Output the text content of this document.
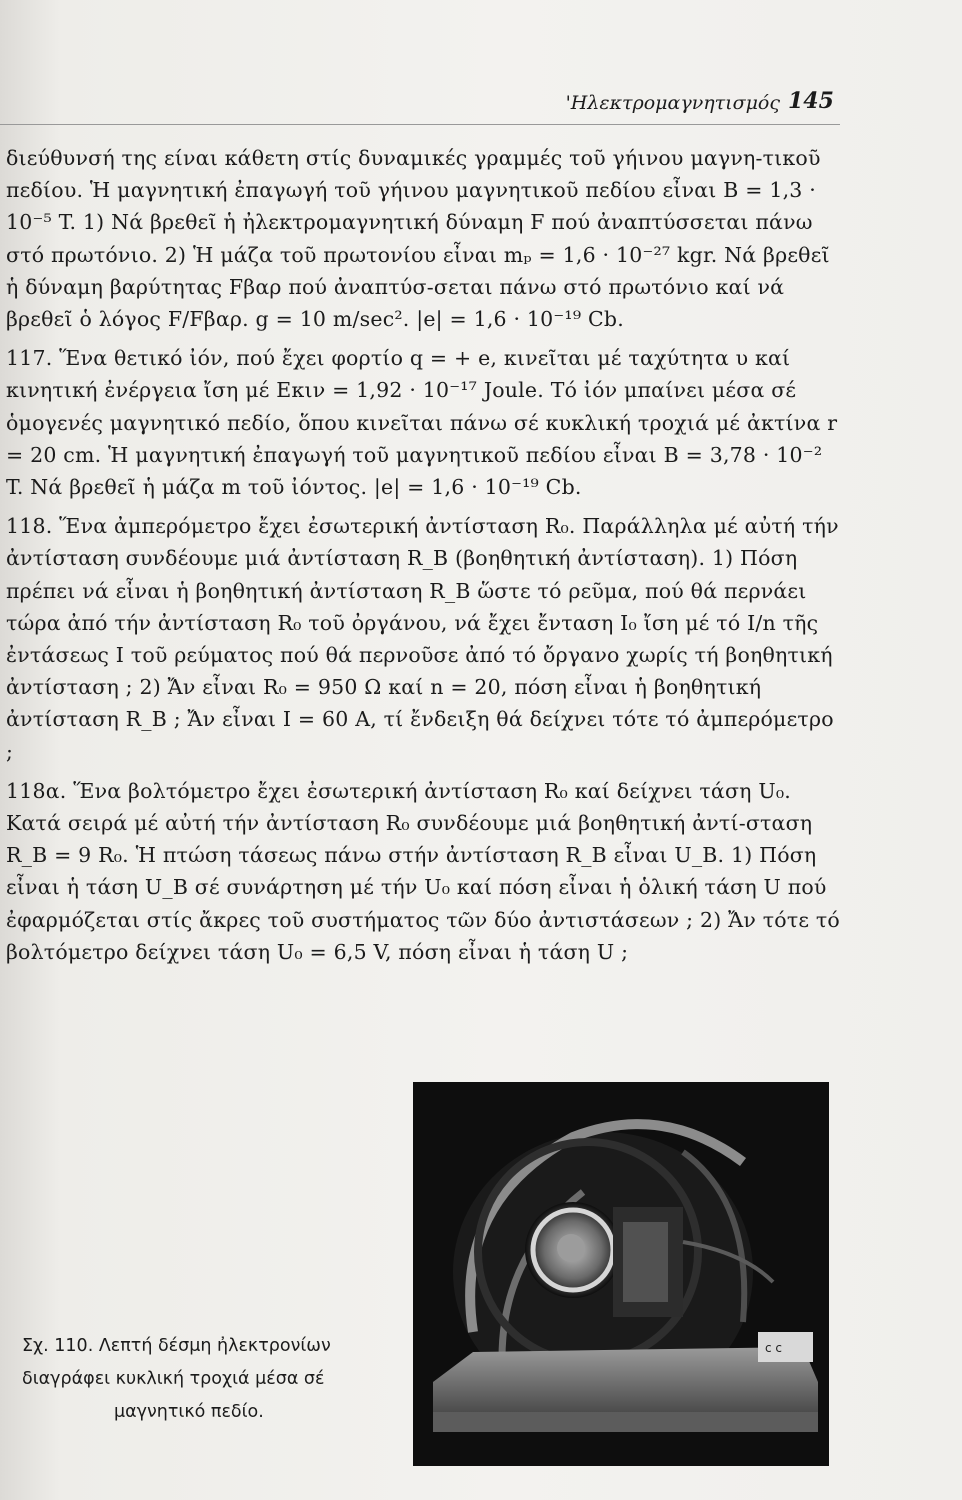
'Ηλεκτρομαγνητισμός 145

διεύθυνσή της είναι κάθετη στίς δυναμικές γραμμές τοῦ γήινου μαγνη-τικοῦ πεδίου. Ἡ μαγνητική ἐπαγωγή τοῦ γήινου μαγνητικοῦ πεδίου εἶναι B = 1,3 · 10⁻⁵ T. 1) Νά βρεθεῖ ἡ ἠλεκτρομαγνητική δύναμη F πού ἀναπτύσσεται πάνω στό πρωτόνιο. 2) Ἡ μάζα τοῦ πρωτονίου εἶναι mₚ = 1,6 · 10⁻²⁷ kgr. Νά βρεθεῖ ἡ δύναμη βαρύτητας Fβαρ πού ἀναπτύσ-σεται πάνω στό πρωτόνιο καί νά βρεθεῖ ὁ λόγος F/Fβαρ. g = 10 m/sec². |e| = 1,6 · 10⁻¹⁹ Cb.

117. Ἕνα θετικό ἰόν, πού ἔχει φορτίο q = + e, κινεῖται μέ ταχύτητα υ καί κινητική ἐνέργεια ἴση μέ Eκιν = 1,92 · 10⁻¹⁷ Joule. Τό ἰόν μπαίνει μέσα σέ ὁμογενές μαγνητικό πεδίο, ὅπου κινεῖται πάνω σέ κυκλική τροχιά μέ ἀκτίνα r = 20 cm. Ἡ μαγνητική ἐπαγωγή τοῦ μαγνητικοῦ πεδίου εἶναι B = 3,78 · 10⁻² T. Νά βρεθεῖ ἡ μάζα m τοῦ ἰόντος. |e| = 1,6 · 10⁻¹⁹ Cb.

118. Ἕνα ἀμπερόμετρο ἔχει ἐσωτερική ἀντίσταση R₀. Παράλληλα μέ αὐτή τήν ἀντίσταση συνδέουμε μιά ἀντίσταση R_B (βοηθητική ἀντίσταση). 1) Πόση πρέπει νά εἶναι ἡ βοηθητική ἀντίσταση R_B ὥστε τό ρεῦμα, πού θά περνάει τώρα ἀπό τήν ἀντίσταση R₀ τοῦ ὀργάνου, νά ἔχει ἔνταση I₀ ἴση μέ τό I/n τῆς ἐντάσεως I τοῦ ρεύματος πού θά περνοῦσε ἀπό τό ὄργανο χωρίς τή βοηθητική ἀντίσταση ; 2) Ἄν εἶναι R₀ = 950 Ω καί n = 20, πόση εἶναι ἡ βοηθητική ἀντίσταση R_B ; Ἄν εἶναι I = 60 A, τί ἔνδειξη θά δείχνει τότε τό ἀμπερόμετρο ;

118α. Ἕνα βολτόμετρο ἔχει ἐσωτερική ἀντίσταση R₀ καί δείχνει τάση U₀. Κατά σειρά μέ αὐτή τήν ἀντίσταση R₀ συνδέουμε μιά βοηθητική ἀντί-σταση R_B = 9 R₀. Ἡ πτώση τάσεως πάνω στήν ἀντίσταση R_B εἶναι U_B. 1) Πόση εἶναι ἡ τάση U_B σέ συνάρτηση μέ τήν U₀ καί πόση εἶναι ἡ ὁλική τάση U πού ἐφαρμόζεται στίς ἄκρες τοῦ συστήματος τῶν δύο ἀντιστάσεων ; 2) Ἄν τότε τό βολτόμετρο δείχνει τάση U₀ = 6,5 V, πόση εἶναι ἡ τάση U ;

c c

Σχ. 110. Λεπτή δέσμη ἠλεκτρονίων

διαγράφει κυκλική τροχιά μέσα σέ

μαγνητικό πεδίο.
